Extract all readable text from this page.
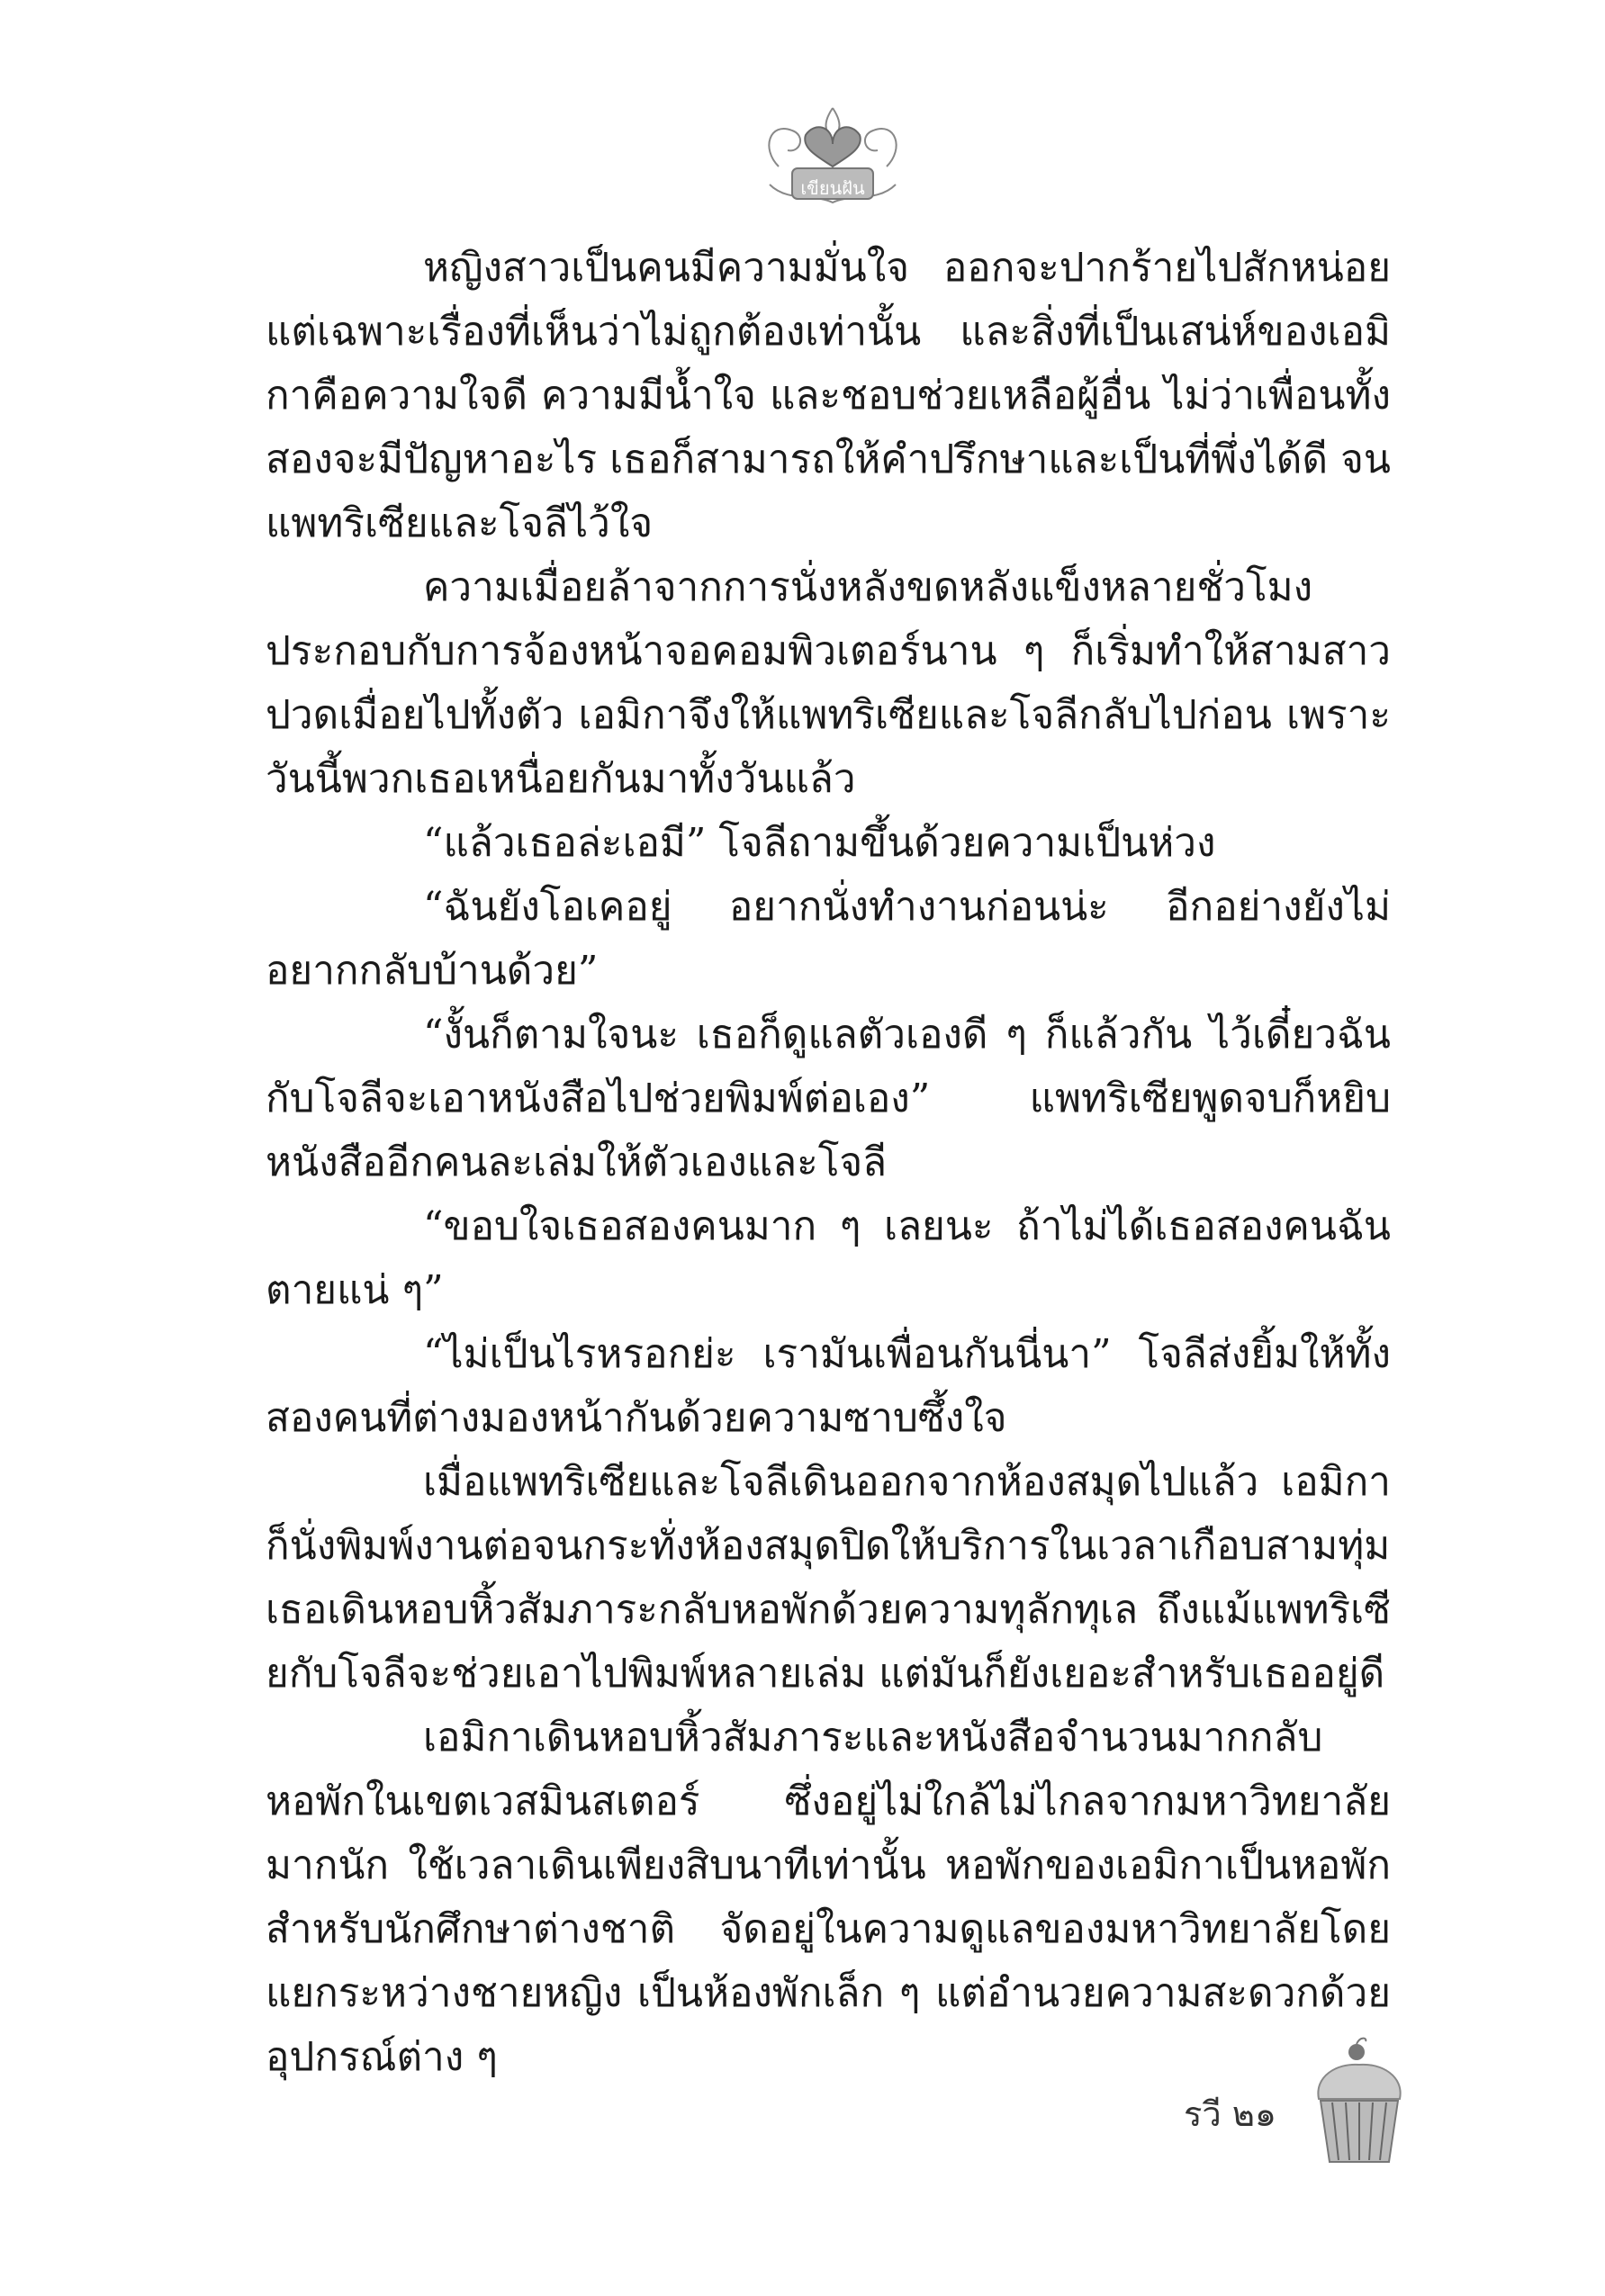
เขียนฝัน

หญิงสาวเป็นคนมีความมั่นใจ ออกจะปากร้ายไปสักหน่อย แต่เฉพาะเรื่องที่เห็นว่าไม่ถูกต้องเท่านั้น และสิ่งที่เป็นเสน่ห์ของเอมิกาคือความใจดี ความมีน้ำใจ และชอบช่วยเหลือผู้อื่น ไม่ว่าเพื่อนทั้งสองจะมีปัญหาอะไร เธอก็สามารถให้คำปรึกษาและเป็นที่พึ่งได้ดี จนแพทริเซียและโจลีไว้ใจ

ความเมื่อยล้าจากการนั่งหลังขดหลังแข็งหลายชั่วโมงประกอบกับการจ้องหน้าจอคอมพิวเตอร์นาน ๆ ก็เริ่มทำให้สามสาวปวดเมื่อยไปทั้งตัว เอมิกาจึงให้แพทริเซียและโจลีกลับไปก่อน เพราะวันนี้พวกเธอเหนื่อยกันมาทั้งวันแล้ว

“แล้วเธอล่ะเอมี” โจลีถามขึ้นด้วยความเป็นห่วง

“ฉันยังโอเคอยู่ อยากนั่งทำงานก่อนน่ะ อีกอย่างยังไม่อยากกลับบ้านด้วย”

“งั้นก็ตามใจนะ เธอก็ดูแลตัวเองดี ๆ ก็แล้วกัน ไว้เดี๋ยวฉันกับโจลีจะเอาหนังสือไปช่วยพิมพ์ต่อเอง” แพทริเซียพูดจบก็หยิบหนังสืออีกคนละเล่มให้ตัวเองและโจลี

“ขอบใจเธอสองคนมาก ๆ เลยนะ ถ้าไม่ได้เธอสองคนฉันตายแน่ ๆ”

“ไม่เป็นไรหรอกย่ะ เรามันเพื่อนกันนี่นา” โจลีส่งยิ้มให้ทั้งสองคนที่ต่างมองหน้ากันด้วยความซาบซึ้งใจ

เมื่อแพทริเซียและโจลีเดินออกจากห้องสมุดไปแล้ว เอมิกาก็นั่งพิมพ์งานต่อจนกระทั่งห้องสมุดปิดให้บริการในเวลาเกือบสามทุ่ม เธอเดินหอบหิ้วสัมภาระกลับหอพักด้วยความทุลักทุเล ถึงแม้แพทริเซียกับโจลีจะช่วยเอาไปพิมพ์หลายเล่ม แต่มันก็ยังเยอะสำหรับเธออยู่ดี

เอมิกาเดินหอบหิ้วสัมภาระและหนังสือจำนวนมากกลับหอพักในเขตเวสมินสเตอร์ ซึ่งอยู่ไม่ใกล้ไม่ไกลจากมหาวิทยาลัยมากนัก ใช้เวลาเดินเพียงสิบนาทีเท่านั้น หอพักของเอมิกาเป็นหอพักสำหรับนักศึกษาต่างชาติ จัดอยู่ในความดูแลของมหาวิทยาลัยโดยแยกระหว่างชายหญิง เป็นห้องพักเล็ก ๆ แต่อำนวยความสะดวกด้วยอุปกรณ์ต่าง ๆ

รวี ๒๑
